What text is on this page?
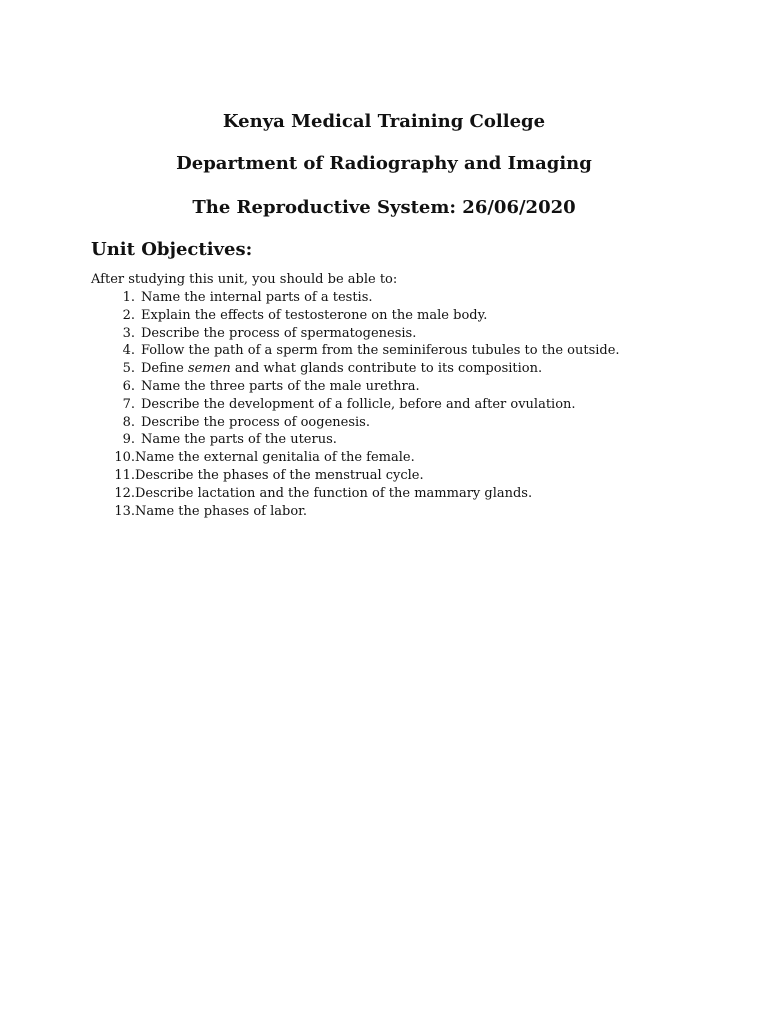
Kenya Medical Training College
Department of Radiography and Imaging
The Reproductive System: 26/06/2020
Unit Objectives:

After studying this unit, you should be able to:

1. Name the internal parts of a testis.
2. Explain the effects of testosterone on the male body.
3. Describe the process of spermatogenesis.
4. Follow the path of a sperm from the seminiferous tubules to the outside.
5. Define semen and what glands contribute to its composition.
6. Name the three parts of the male urethra.
7. Describe the development of a follicle, before and after ovulation.
8. Describe the process of oogenesis.
9. Name the parts of the uterus.
10. Name the external genitalia of the female.
11. Describe the phases of the menstrual cycle.
12. Describe lactation and the function of the mammary glands.
13. Name the phases of labor.
